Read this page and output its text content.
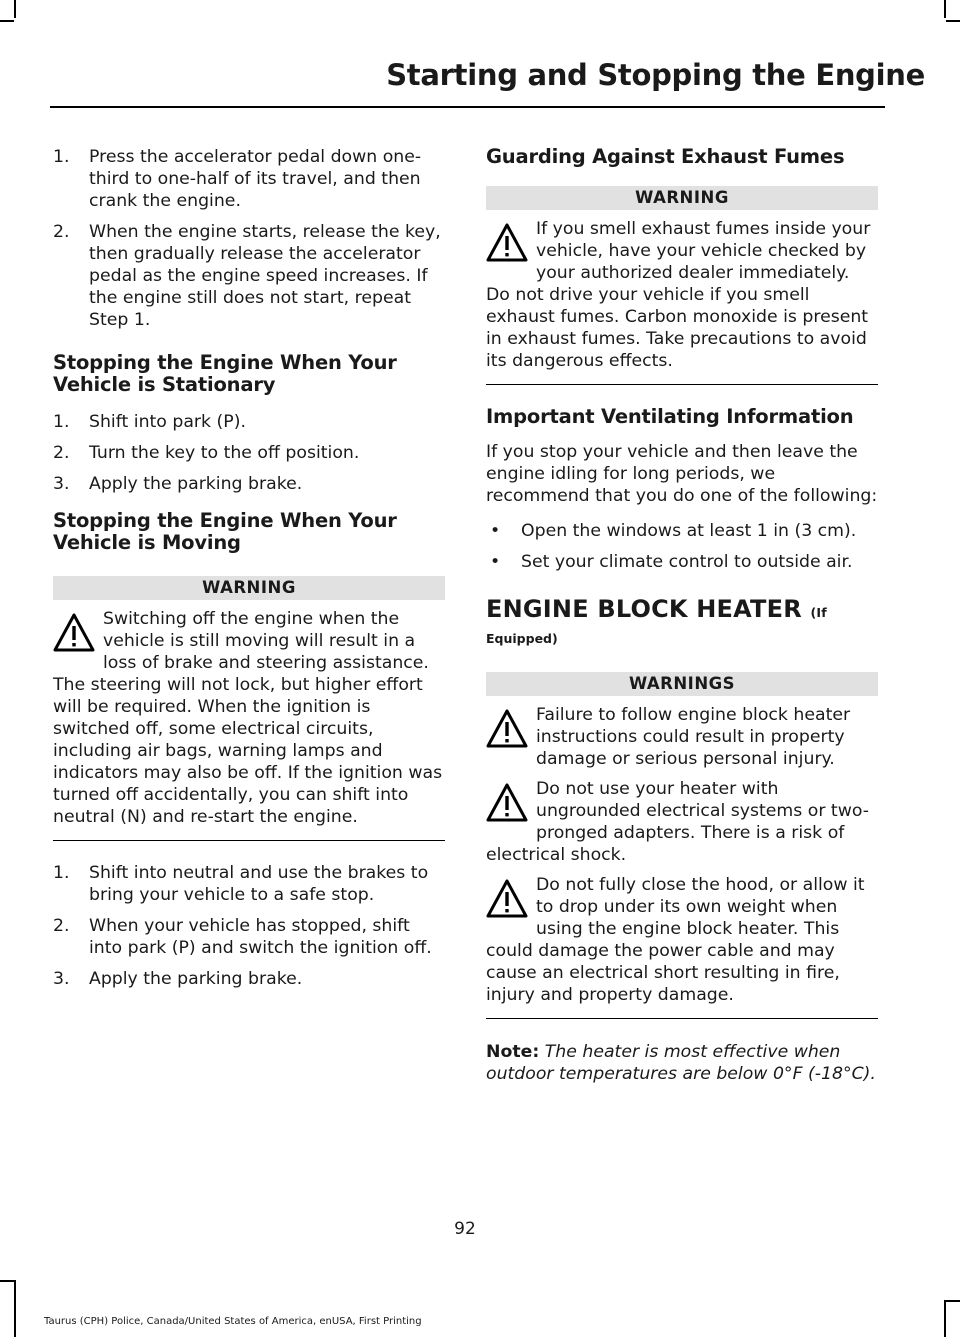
Starting and Stopping the Engine
1. Press the accelerator pedal down one-third to one-half of its travel, and then crank the engine.
2. When the engine starts, release the key, then gradually release the accelerator pedal as the engine speed increases. If the engine still does not start, repeat Step 1.
Stopping the Engine When Your Vehicle is Stationary
1. Shift into park (P).
2. Turn the key to the off position.
3. Apply the parking brake.
Stopping the Engine When Your Vehicle is Moving
WARNING

Switching off the engine when the vehicle is still moving will result in a loss of brake and steering assistance. The steering will not lock, but higher effort will be required. When the ignition is switched off, some electrical circuits, including air bags, warning lamps and indicators may also be off. If the ignition was turned off accidentally, you can shift into neutral (N) and re-start the engine.

1. Shift into neutral and use the brakes to bring your vehicle to a safe stop.
2. When your vehicle has stopped, shift into park (P) and switch the ignition off.
3. Apply the parking brake.
Guarding Against Exhaust Fumes
WARNING

If you smell exhaust fumes inside your vehicle, have your vehicle checked by your authorized dealer immediately. Do not drive your vehicle if you smell exhaust fumes. Carbon monoxide is present in exhaust fumes. Take precautions to avoid its dangerous effects.

Important Ventilating Information

If you stop your vehicle and then leave the engine idling for long periods, we recommend that you do one of the following:

• Open the windows at least 1 in (3 cm).
• Set your climate control to outside air.
ENGINE BLOCK HEATER (If
Equipped)
WARNINGS

Failure to follow engine block heater instructions could result in property damage or serious personal injury.

Do not use your heater with ungrounded electrical systems or two-pronged adapters. There is a risk of electrical shock.

Do not fully close the hood, or allow it to drop under its own weight when using the engine block heater. This could damage the power cable and may cause an electrical short resulting in fire, injury and property damage.

Note: The heater is most effective when outdoor temperatures are below 0°F (-18°C).

92
Taurus (CPH) Police, Canada/United States of America, enUSA, First Printing
